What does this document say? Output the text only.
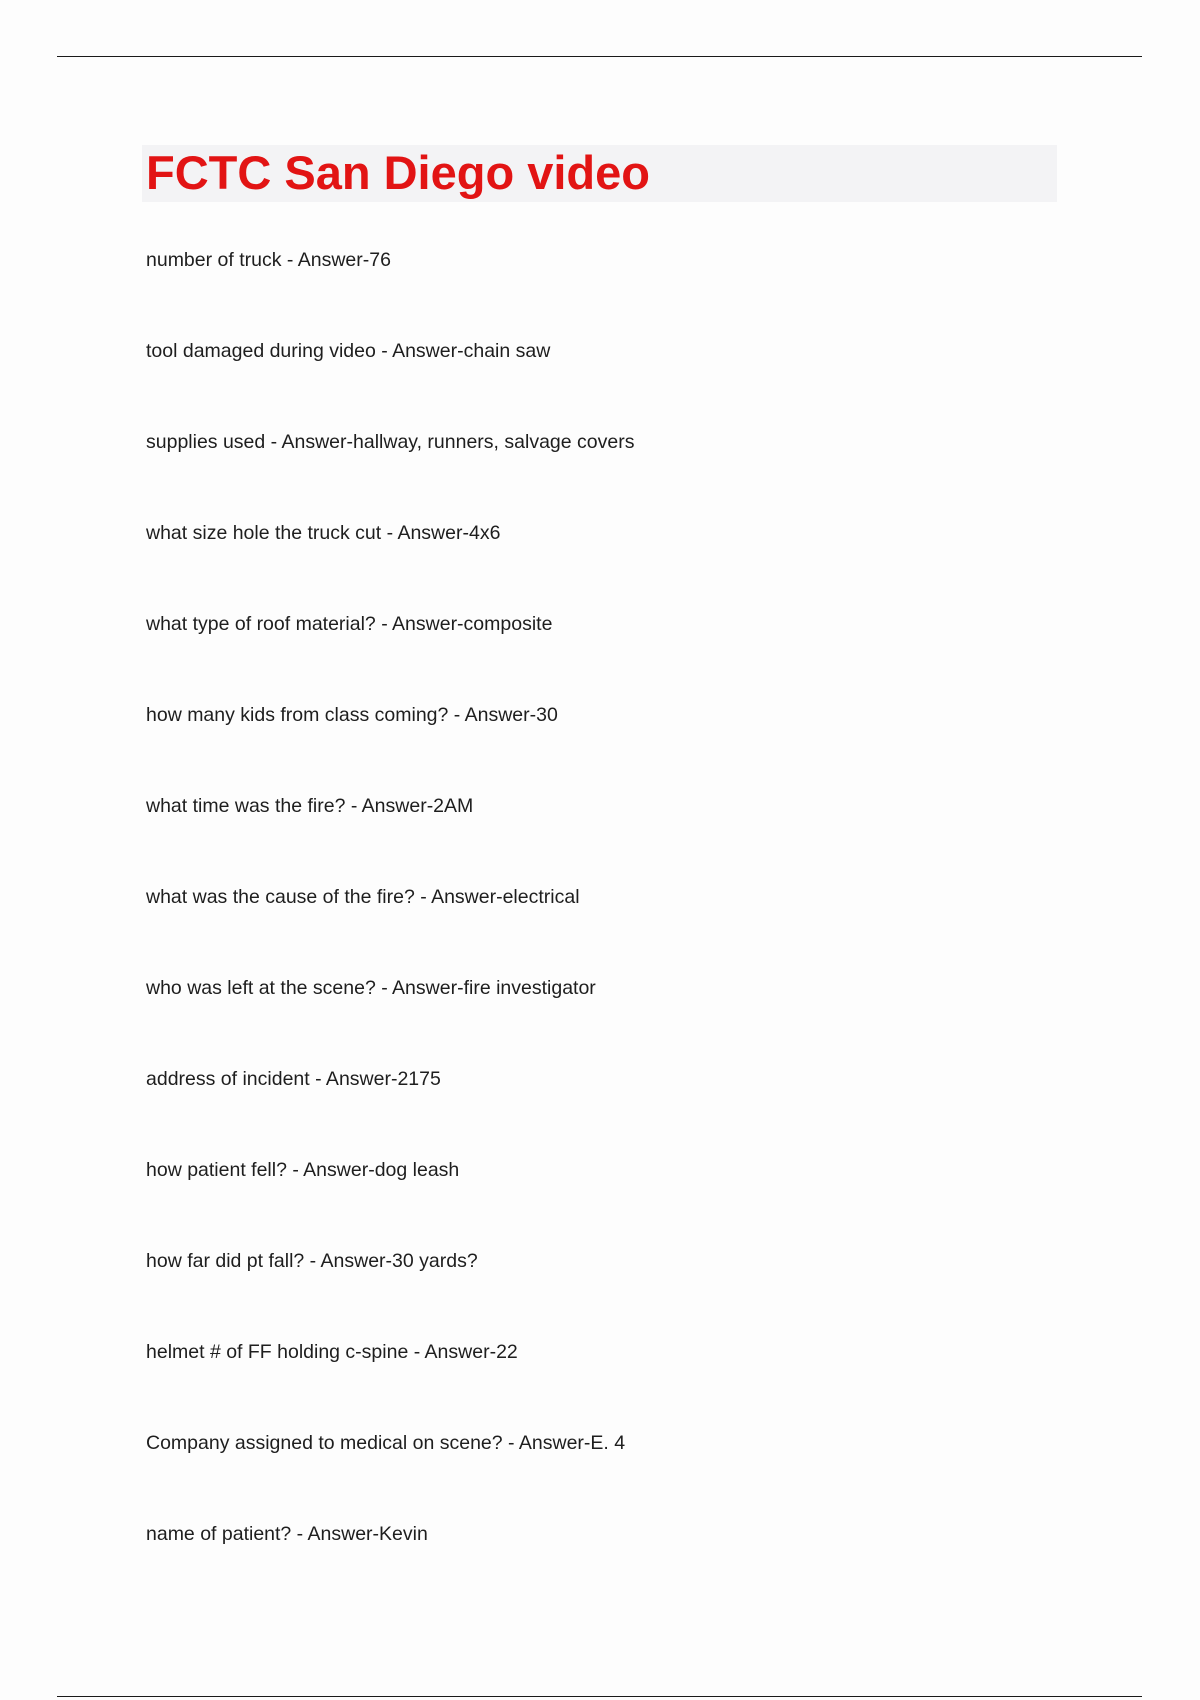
FCTC San Diego video
number of truck - Answer-76
tool damaged during video - Answer-chain saw
supplies used - Answer-hallway, runners, salvage covers
what size hole the truck cut - Answer-4x6
what type of roof material? - Answer-composite
how many kids from class coming? - Answer-30
what time was the fire? - Answer-2AM
what was the cause of the fire? - Answer-electrical
who was left at the scene? - Answer-fire investigator
address of incident - Answer-2175
how patient fell? - Answer-dog leash
how far did pt fall? - Answer-30 yards?
helmet # of FF holding c-spine - Answer-22
Company assigned to medical on scene? - Answer-E. 4
name of patient? - Answer-Kevin
